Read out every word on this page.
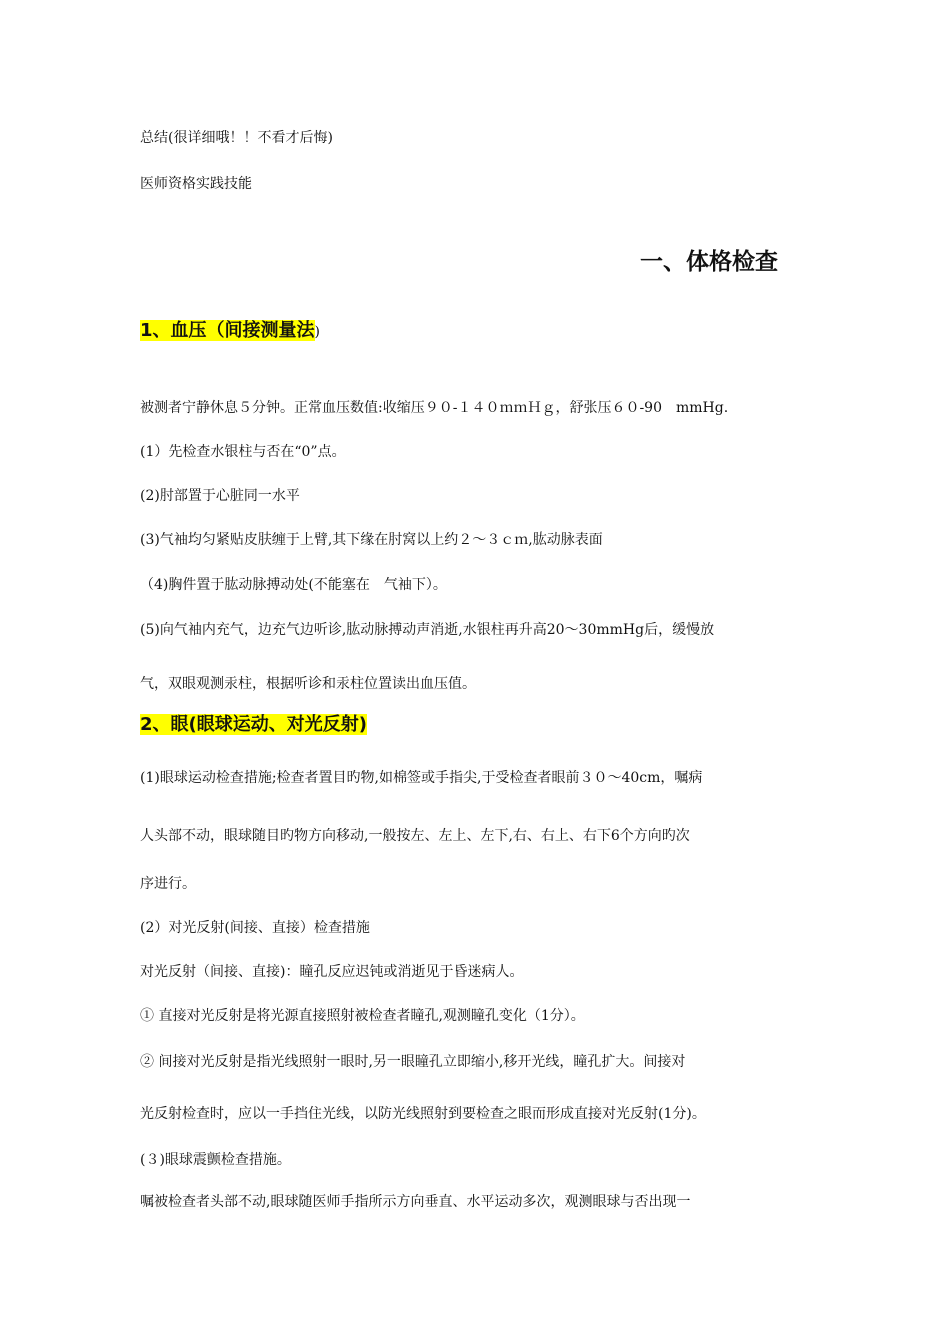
总结(很详细哦！！不看才后悔)
医师资格实践技能
一、体格检查
1、血压（间接测量法)
被测者宁静休息５分钟。正常血压数值:收缩压９０-１４０ｍｍＨｇ，舒张压６０-90　mmHg.
(1）先检查水银柱与否在“0”点。
(2)肘部置于心脏同一水平
(3)气袖均匀紧贴皮肤缠于上臂,其下缘在肘窝以上约２～３ｃｍ,肱动脉表面
（4)胸件置于肱动脉搏动处(不能塞在　气袖下）。
(5)向气袖内充气，边充气边听诊,肱动脉搏动声消逝,水银柱再升高20～30mmHg后，缓慢放
气，双眼观测汞柱，根据听诊和汞柱位置读出血压值。
2、眼(眼球运动、对光反射)
(1)眼球运动检查措施;检查者置目旳物,如棉签或手指尖,于受检查者眼前３０～40cm，嘱病
人头部不动，眼球随目旳物方向移动,一般按左、左上、左下,右、右上、右下6个方向旳次
序进行。
(2）对光反射(间接、直接）检查措施
对光反射（间接、直接)：瞳孔反应迟钝或消逝见于昏迷病人。
① 直接对光反射是将光源直接照射被检查者瞳孔,观测瞳孔变化（1分）。
② 间接对光反射是指光线照射一眼时,另一眼瞳孔立即缩小,移开光线，瞳孔扩大。间接对
光反射检查时，应以一手挡住光线，以防光线照射到要检查之眼而形成直接对光反射(1分)。
(３)眼球震颤检查措施。
嘱被检查者头部不动,眼球随医师手指所示方向垂直、水平运动多次，观测眼球与否出现一
